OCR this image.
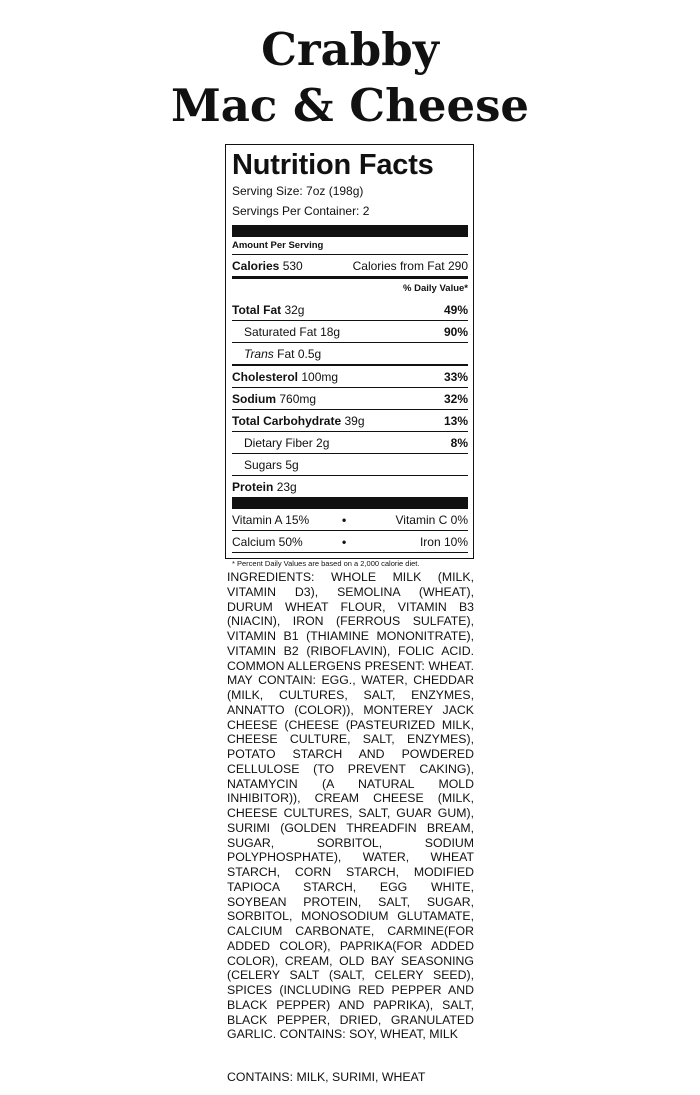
Crabby
Mac & Cheese
Nutrition Facts
Serving Size: 7oz (198g)
Servings Per Container: 2
Amount Per Serving
Calories 530	Calories from Fat 290
% Daily Value*
Total Fat 32g	49%
Saturated Fat 18g	90%
Trans Fat 0.5g
Cholesterol 100mg	33%
Sodium 760mg	32%
Total Carbohydrate 39g	13%
Dietary Fiber 2g	8%
Sugars 5g
Protein 23g
Vitamin A 15%	•	Vitamin C 0%
Calcium 50%	•	Iron 10%
* Percent Daily Values are based on a 2,000 calorie diet.
INGREDIENTS: WHOLE MILK (MILK, VITAMIN D3), SEMOLINA (WHEAT), DURUM WHEAT FLOUR, VITAMIN B3 (NIACIN), IRON (FERROUS SULFATE), VITAMIN B1 (THIAMINE MONONITRATE), VITAMIN B2 (RIBOFLAVIN), FOLIC ACID. COMMON ALLERGENS PRESENT: WHEAT. MAY CONTAIN: EGG., WATER, CHEDDAR (MILK, CULTURES, SALT, ENZYMES, ANNATTO (COLOR)), MONTEREY JACK CHEESE (CHEESE (PASTEURIZED MILK, CHEESE CULTURE, SALT, ENZYMES), POTATO STARCH AND POWDERED CELLULOSE (TO PREVENT CAKING), NATAMYCIN (A NATURAL MOLD INHIBITOR)), CREAM CHEESE (MILK, CHEESE CULTURES, SALT, GUAR GUM), SURIMI (GOLDEN THREADFIN BREAM, SUGAR, SORBITOL, SODIUM POLYPHOSPHATE), WATER, WHEAT STARCH, CORN STARCH, MODIFIED TAPIOCA STARCH, EGG WHITE, SOYBEAN PROTEIN, SALT, SUGAR, SORBITOL, MONOSODIUM GLUTAMATE, CALCIUM CARBONATE, CARMINE(FOR ADDED COLOR), PAPRIKA(FOR ADDED COLOR), CREAM, OLD BAY SEASONING (CELERY SALT (SALT, CELERY SEED), SPICES (INCLUDING RED PEPPER AND BLACK PEPPER) AND PAPRIKA), SALT, BLACK PEPPER, DRIED, GRANULATED GARLIC. CONTAINS: SOY, WHEAT, MILK
CONTAINS: MILK, SURIMI, WHEAT
